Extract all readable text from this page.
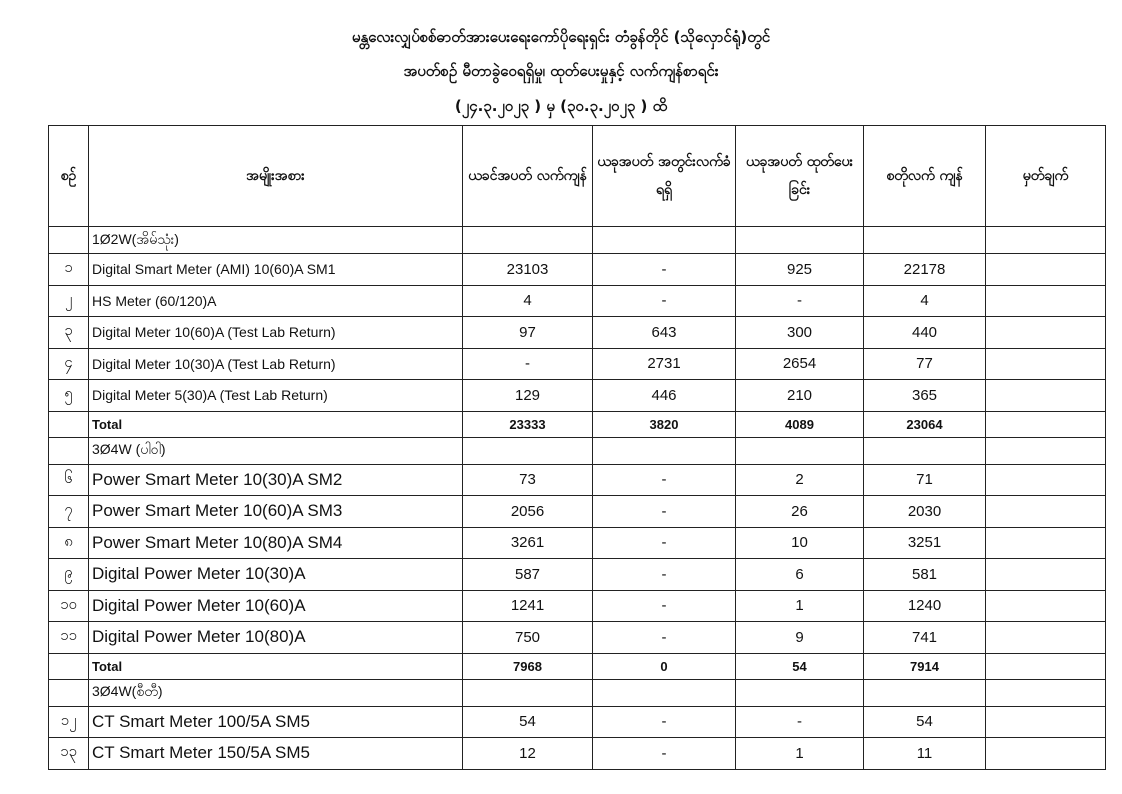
မန္တလေးလျှပ်စစ်ဓာတ်အားပေးရေးကော်ပိုရေးရှင်း တံခွန်တိုင် (သိုလှောင်ရုံ)တွင်
အပတ်စဉ် မီတာခွဲဝေရရှိမှု၊ ထုတ်ပေးမှုနှင့် လက်ကျန်စာရင်း
(၂၄.၃.၂၀၂၃ ) မှ (၃၀.၃.၂၀၂၃ ) ထိ
စဉ်	အမျိုးအစား	ယခင်အပတ် လက်ကျန်	ယခုအပတ် အတွင်းလက်ခံ ရရှိ	ယခုအပတ် ထုတ်ပေးခြင်း	စတိုလက် ကျန်	မှတ်ချက်
	1Ø2W(အိမ်သုံး)					
၁	Digital Smart Meter (AMI) 10(60)A SM1	23103	-	925	22178	
၂	HS Meter (60/120)A	4	-	-	4	
၃	Digital Meter 10(60)A (Test Lab Return)	97	643	300	440	
၄	Digital Meter 10(30)A (Test Lab Return)	-	2731	2654	77	
၅	Digital Meter 5(30)A (Test Lab Return)	129	446	210	365	
	Total	23333	3820	4089	23064	
	3Ø4W (ပါဝါ)					
၆	Power Smart Meter 10(30)A SM2	73	-	2	71	
၇	Power Smart Meter 10(60)A SM3	2056	-	26	2030	
၈	Power Smart Meter 10(80)A SM4	3261	-	10	3251	
၉	Digital Power Meter 10(30)A	587	-	6	581	
၁၀	Digital Power Meter 10(60)A	1241	-	1	1240	
၁၁	Digital Power Meter 10(80)A	750	-	9	741	
	Total	7968	0	54	7914	
	3Ø4W(စီတီ)					
၁၂	CT Smart Meter 100/5A SM5	54	-	-	54	
၁၃	CT Smart Meter 150/5A SM5	12	-	1	11	
